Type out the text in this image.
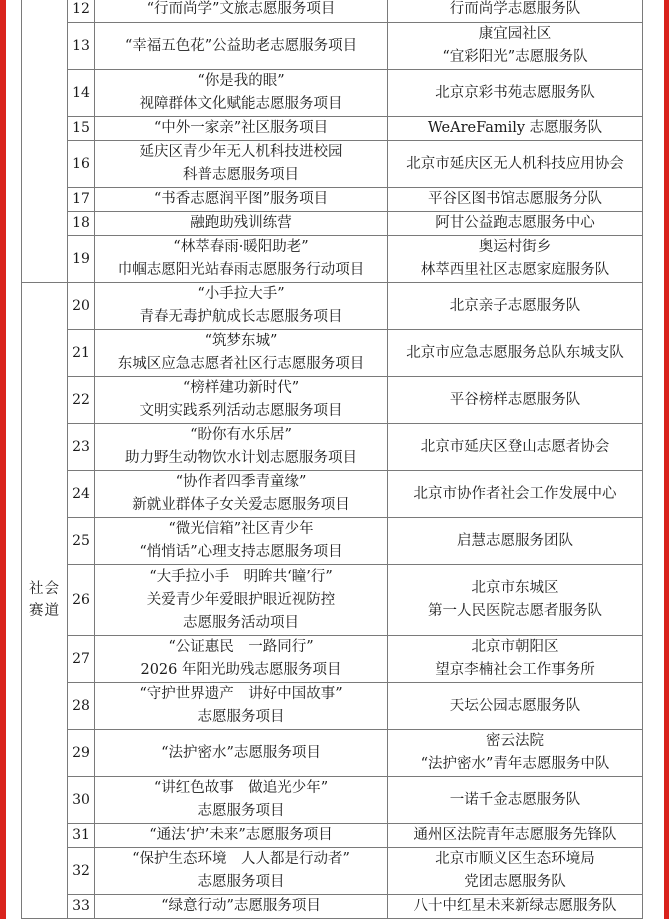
	12	“行而尚学”文旅志愿服务项目	行而尚学志愿服务队

	13	“幸福五色花”公益助老志愿服务项目	康宜园社区
“宜彩阳光”志愿服务队

	14	“你是我的眼”
视障群体文化赋能志愿服务项目	北京京彩书苑志愿服务队

	15	“中外一家亲”社区服务项目	WeAreFamily 志愿服务队

	16	延庆区青少年无人机科技进校园
科普志愿服务项目	北京市延庆区无人机科技应用协会

	17	“书香志愿润平图”服务项目	平谷区图书馆志愿服务分队

	18	融跑助残训练营	阿甘公益跑志愿服务中心

	19	“林萃春雨·暖阳助老”
巾帼志愿阳光站春雨志愿服务行动项目	奥运村街乡
林萃西里社区志愿家庭服务队

社会
赛道	20	“小手拉大手”
青春无毒护航成长志愿服务项目	北京亲子志愿服务队

	21	“筑梦东城”
东城区应急志愿者社区行志愿服务项目	北京市应急志愿服务总队东城支队

	22	“榜样建功新时代”
文明实践系列活动志愿服务项目	平谷榜样志愿服务队

	23	“盼你有水乐居”
助力野生动物饮水计划志愿服务项目	北京市延庆区登山志愿者协会

	24	“协作者四季青童缘”
新就业群体子女关爱志愿服务项目	北京市协作者社会工作发展中心

	25	“微光信箱”社区青少年
“悄悄话”心理支持志愿服务项目	启慧志愿服务团队

	26	“大手拉小手　明眸共‘瞳’行”
关爱青少年爱眼护眼近视防控
志愿服务活动项目	北京市东城区
第一人民医院志愿者服务队

	27	“公证惠民　一路同行”
2026 年阳光助残志愿服务项目	北京市朝阳区
望京李楠社会工作事务所

	28	“守护世界遗产　讲好中国故事”
志愿服务项目	天坛公园志愿服务队

	29	“法护密水”志愿服务项目	密云法院
“法护密水”青年志愿服务中队

	30	“讲红色故事　做追光少年”
志愿服务项目	一诺千金志愿服务队

	31	“通法‘护’未来”志愿服务项目	通州区法院青年志愿服务先锋队

	32	“保护生态环境　人人都是行动者”
志愿服务项目	北京市顺义区生态环境局
党团志愿服务队

	33	“绿意行动”志愿服务项目	八十中红星未来新绿志愿服务队
